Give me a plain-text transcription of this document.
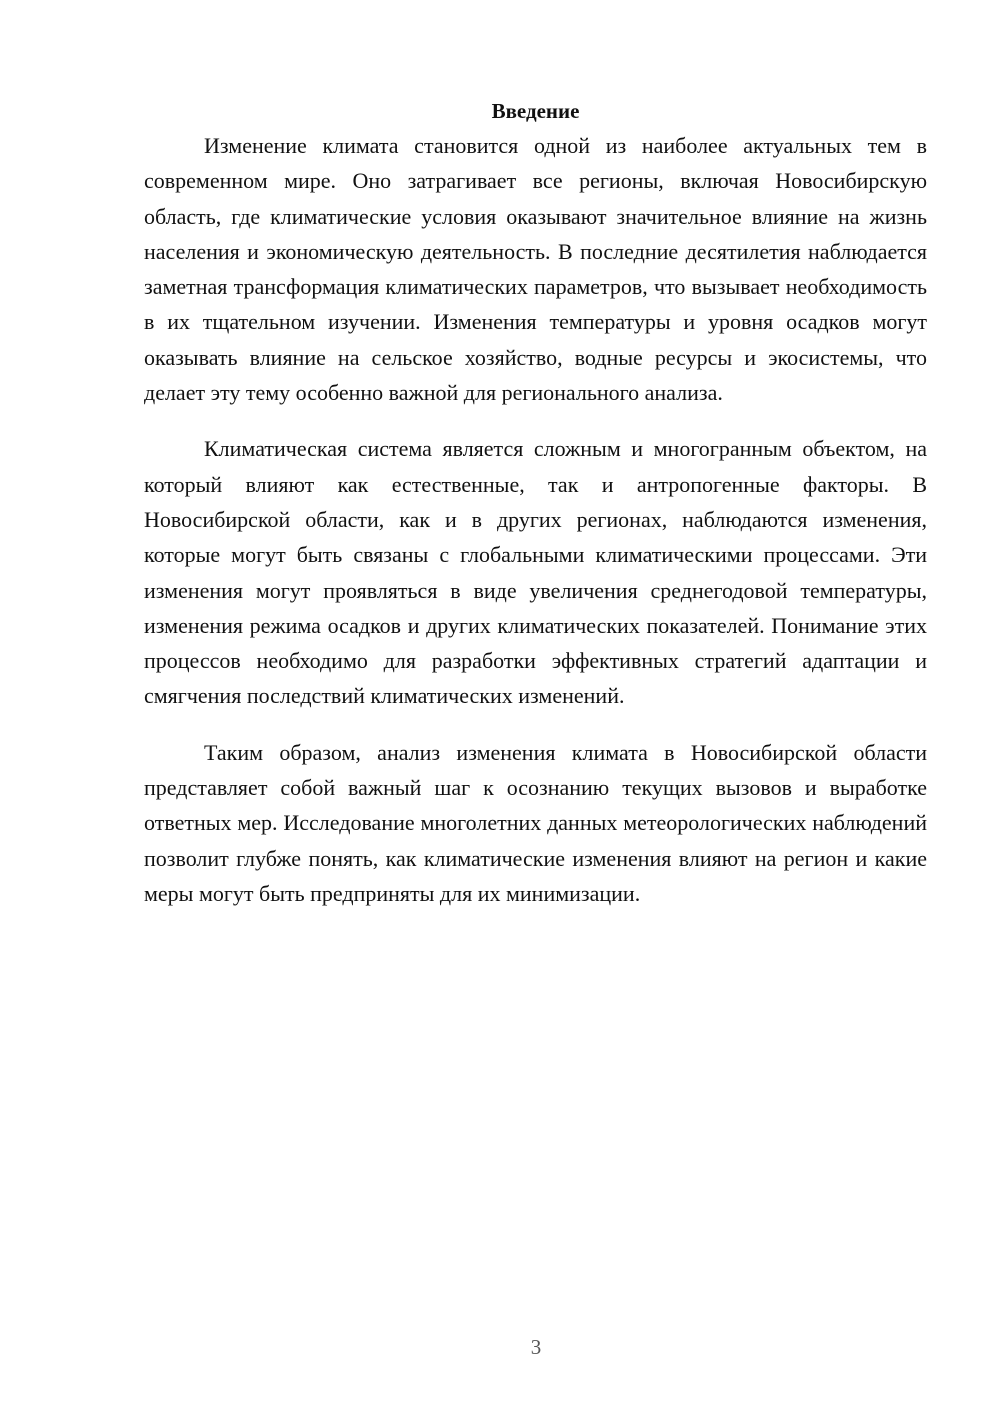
Введение

Изменение климата становится одной из наиболее актуальных тем в современном мире. Оно затрагивает все регионы, включая Новосибирскую область, где климатические условия оказывают значительное влияние на жизнь населения и экономическую деятельность. В последние десятилетия наблюдается заметная трансформация климатических параметров, что вызывает необходимость в их тщательном изучении. Изменения температуры и уровня осадков могут оказывать влияние на сельское хозяйство, водные ресурсы и экосистемы, что делает эту тему особенно важной для регионального анализа.

Климатическая система является сложным и многогранным объектом, на который влияют как естественные, так и антропогенные факторы. В Новосибирской области, как и в других регионах, наблюдаются изменения, которые могут быть связаны с глобальными климатическими процессами. Эти изменения могут проявляться в виде увеличения среднегодовой температуры, изменения режима осадков и других климатических показателей. Понимание этих процессов необходимо для разработки эффективных стратегий адаптации и смягчения последствий климатических изменений.

Таким образом, анализ изменения климата в Новосибирской области представляет собой важный шаг к осознанию текущих вызовов и выработке ответных мер. Исследование многолетних данных метеорологических наблюдений позволит глубже понять, как климатические изменения влияют на регион и какие меры могут быть предприняты для их минимизации.

3
